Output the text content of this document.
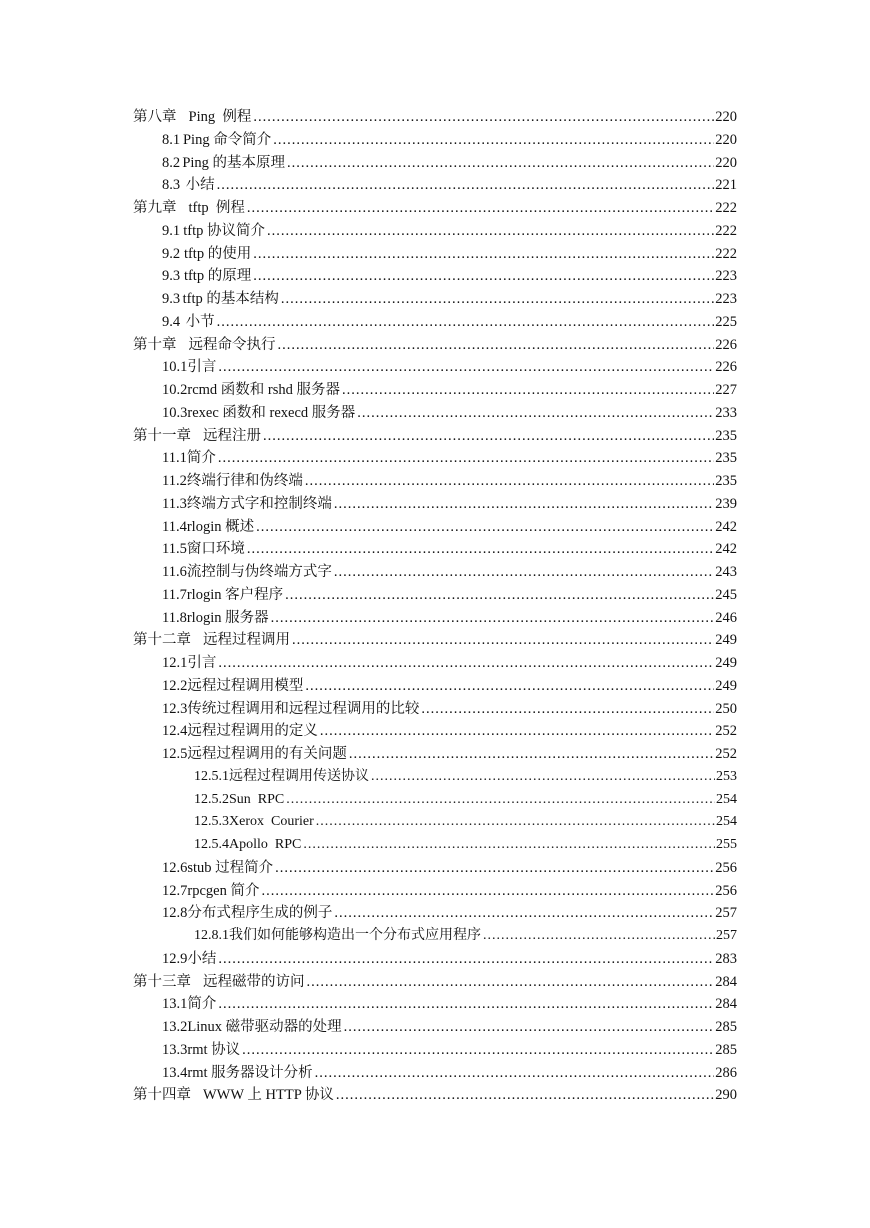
第八章 Ping  例程 .....	220
8.1 Ping 命令简介 .....	220
8.2 Ping 的基本原理 .....	220
8.3 小结 .....	221
第九章 tftp  例程 .....	222
9.1 tftp 协议简介 .....	222
9.2 tftp 的使用 .....	222
9.3 tftp 的原理 .....	223
9.3 tftp 的基本结构 .....	223
9.4 小节 .....	225
第十章 远程命令执行 .....	226
10.1 引言 .....	226
10.2 rcmd 函数和 rshd 服务器 .....	227
10.3 rexec 函数和 rexecd 服务器 .....	233
第十一章 远程注册 .....	235
11.1 简介 .....	235
11.2 终端行律和伪终端 .....	235
11.3 终端方式字和控制终端 .....	239
11.4 rlogin 概述 .....	242
11.5 窗口环境 .....	242
11.6 流控制与伪终端方式字 .....	243
11.7 rlogin 客户程序 .....	245
11.8 rlogin 服务器 .....	246
第十二章 远程过程调用 .....	249
12.1 引言 .....	249
12.2 远程过程调用模型 .....	249
12.3 传统过程调用和远程过程调用的比较 .....	250
12.4 远程过程调用的定义 .....	252
12.5 远程过程调用的有关问题 .....	252
12.5.1 远程过程调用传送协议 .....	253
12.5.2 Sun  RPC .....	254
12.5.3 Xerox  Courier .....	254
12.5.4 Apollo  RPC .....	255
12.6 stub 过程简介 .....	256
12.7 rpcgen 简介 .....	256
12.8 分布式程序生成的例子 .....	257
12.8.1 我们如何能够构造出一个分布式应用程序 .....	257
12.9 小结 .....	283
第十三章 远程磁带的访问 .....	284
13.1 简介 .....	284
13.2 Linux 磁带驱动器的处理 .....	285
13.3 rmt 协议 .....	285
13.4 rmt 服务器设计分析 .....	286
第十四章 WWW 上 HTTP 协议 .....	290
